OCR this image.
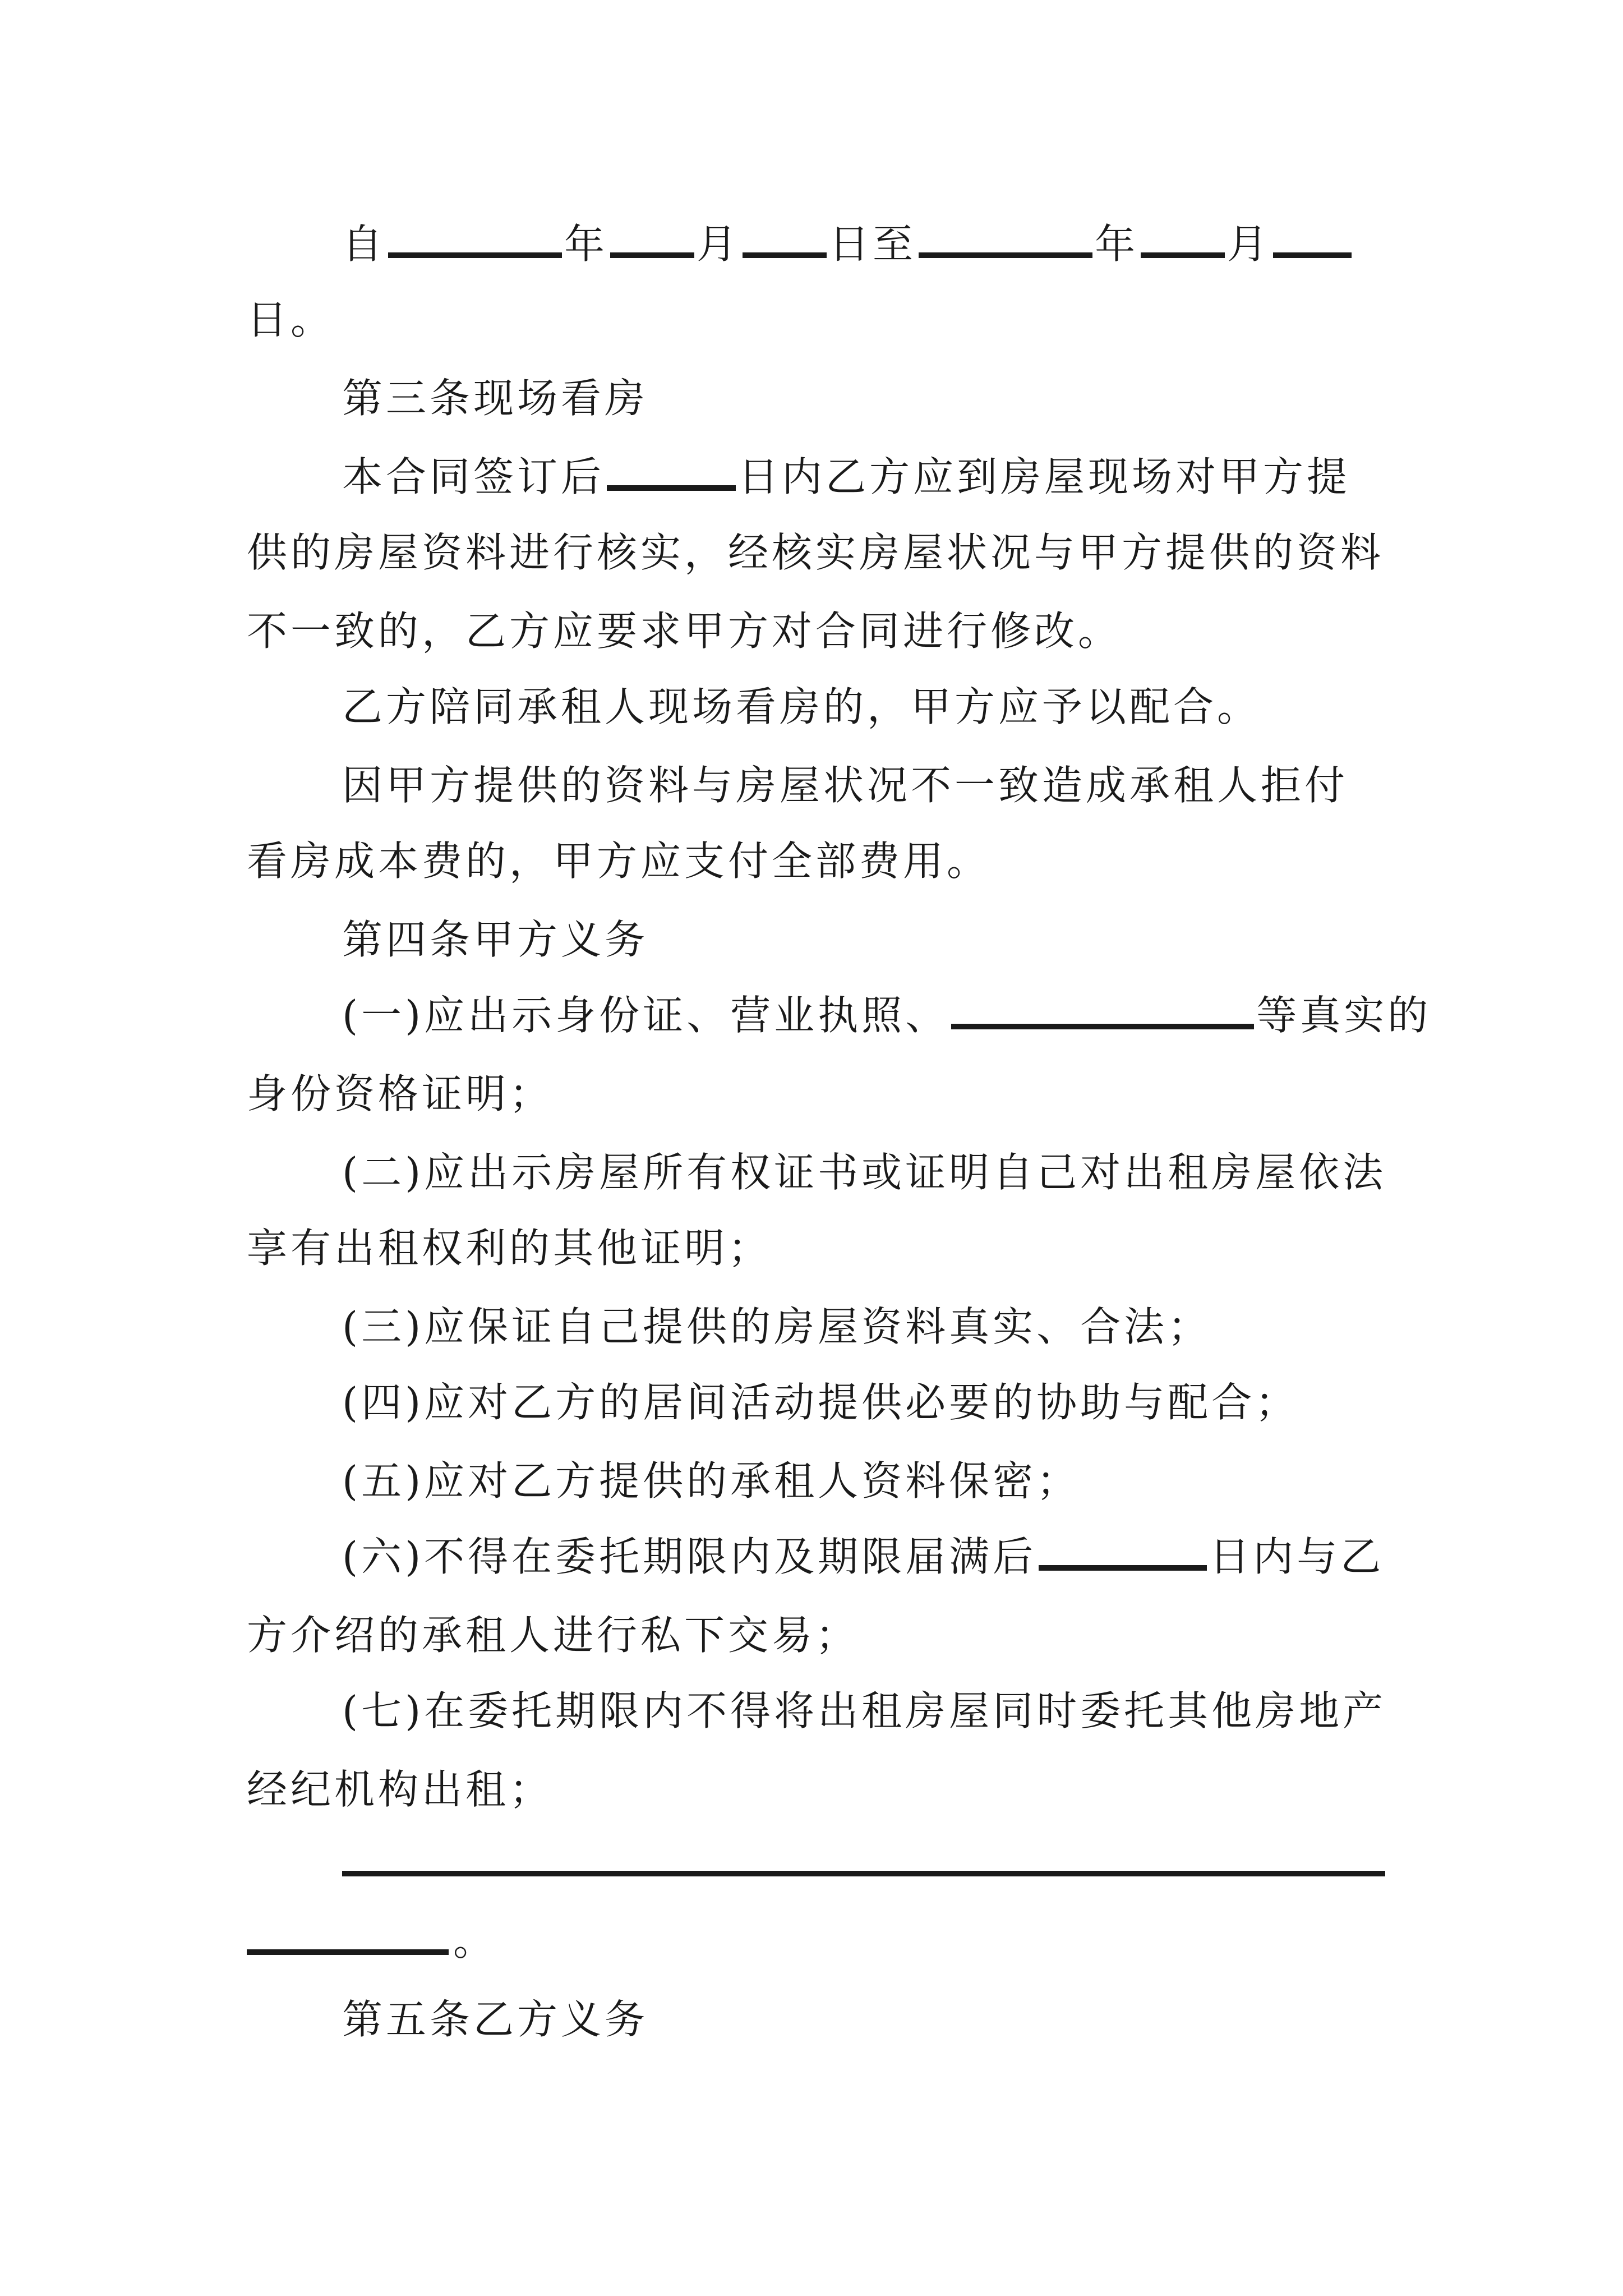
自	年 月 日至	年 月
日。
第三条现场看房
本合同签订后	日内乙方应到房屋现场对甲方提
供的房屋资料进行核实，经核实房屋状况与甲方提供的资料
不一致的，乙方应要求甲方对合同进行修改。
乙方陪同承租人现场看房的，甲方应予以配合。
因甲方提供的资料与房屋状况不一致造成承租人拒付
看房成本费的，甲方应支付全部费用。
第四条甲方义务
(一)应出示身份证、营业执照、	等真实的
身份资格证明；
(二)应出示房屋所有权证书或证明自己对出租房屋依法
享有出租权利的其他证明；
(三)应保证自己提供的房屋资料真实、合法；
(四)应对乙方的居间活动提供必要的协助与配合；
(五)应对乙方提供的承租人资料保密；
(六)不得在委托期限内及期限届满后	日内与乙
方介绍的承租人进行私下交易；
(七)在委托期限内不得将出租房屋同时委托其他房地产
经纪机构出租；
。
第五条乙方义务
